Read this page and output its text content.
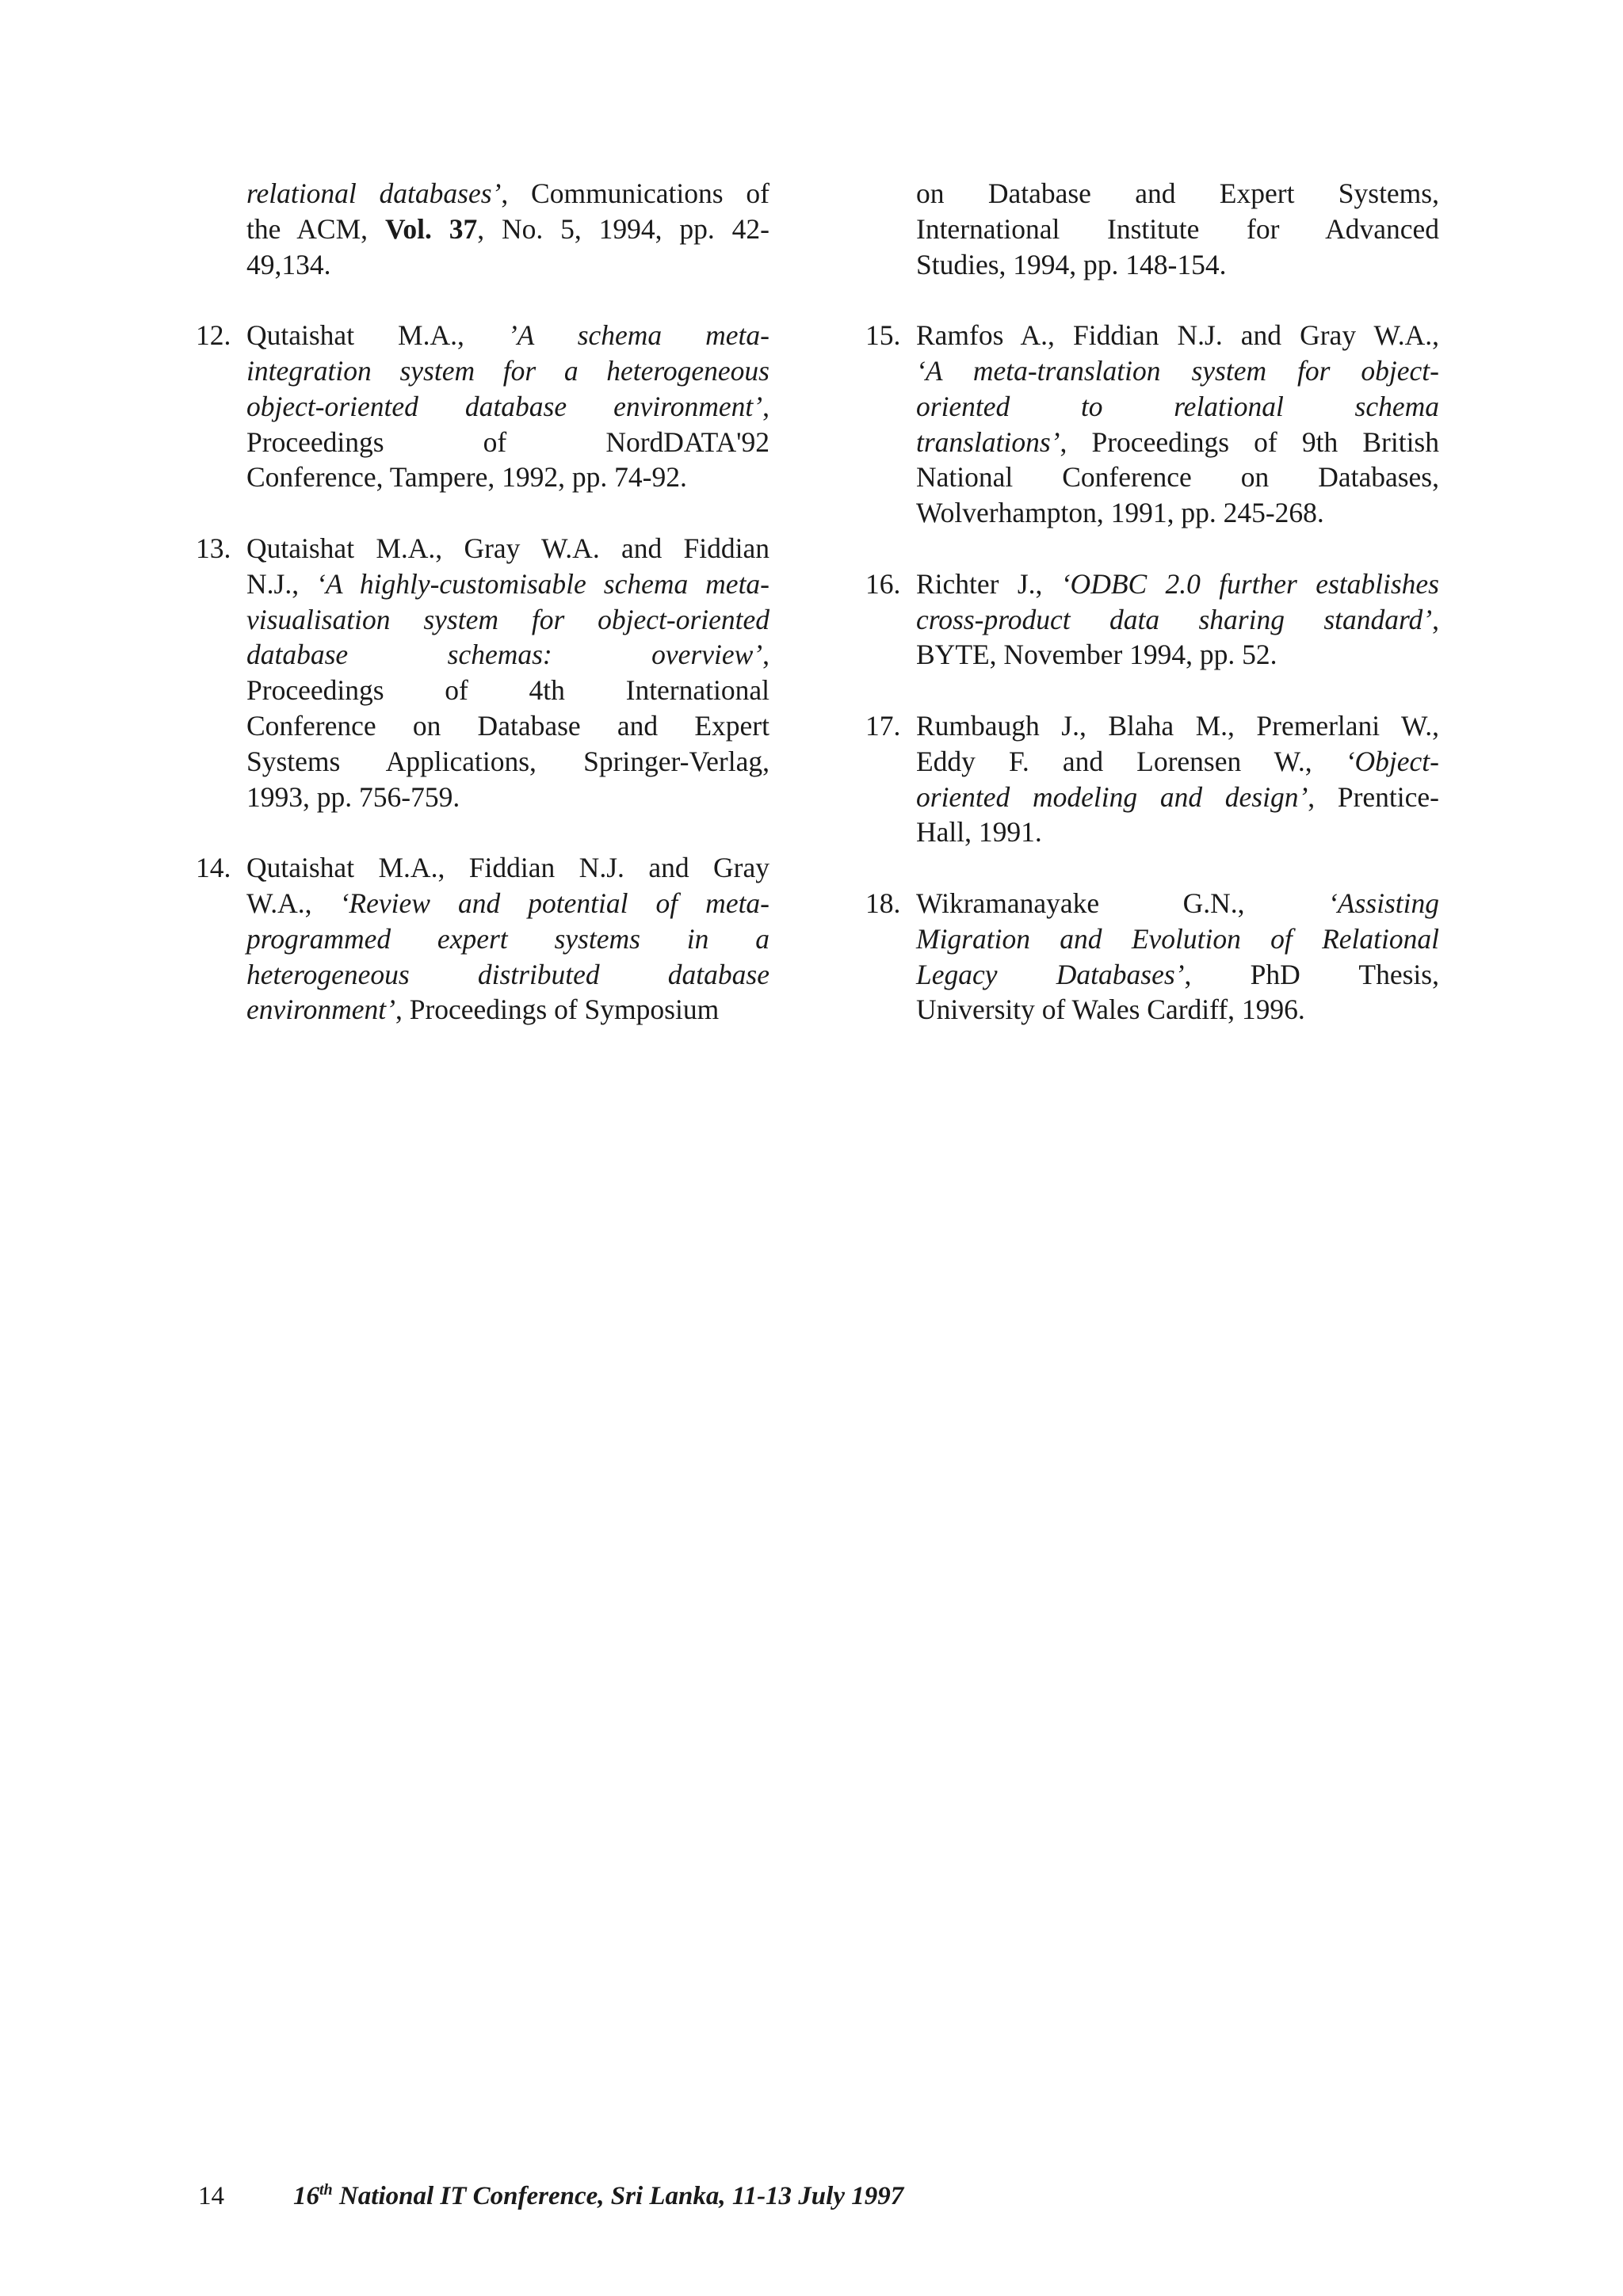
relational databases’, Communications of
the ACM, Vol. 37, No. 5, 1994, pp. 42-
49,134.
12. Qutaishat M.A., ’A schema meta-
integration system for a heterogeneous
object-oriented database environment’,
Proceedings of NordDATA'92
Conference, Tampere, 1992, pp. 74-92.
13. Qutaishat M.A., Gray W.A. and Fiddian
N.J., ‘A highly-customisable schema meta-
visualisation system for object-oriented
database schemas: overview’,
Proceedings of 4th International
Conference on Database and Expert
Systems Applications, Springer-Verlag,
1993, pp. 756-759.
14. Qutaishat M.A., Fiddian N.J. and Gray
W.A., ‘Review and potential of meta-
programmed expert systems in a
heterogeneous distributed database
environment’, Proceedings of Symposium
on Database and Expert Systems,
International Institute for Advanced
Studies, 1994, pp. 148-154.
15. Ramfos A., Fiddian N.J. and Gray W.A.,
‘A meta-translation system for object-
oriented to relational schema
translations’, Proceedings of 9th British
National Conference on Databases,
Wolverhampton, 1991, pp. 245-268.
16. Richter J., ‘ODBC 2.0 further establishes
cross-product data sharing standard’,
BYTE, November 1994, pp. 52.
17. Rumbaugh J., Blaha M., Premerlani W.,
Eddy F. and Lorensen W., ‘Object-
oriented modeling and design’, Prentice-
Hall, 1991.
18. Wikramanayake G.N., ‘Assisting
Migration and Evolution of Relational
Legacy Databases’, PhD Thesis,
University of Wales Cardiff, 1996.
14	16th National IT Conference, Sri Lanka, 11-13 July 1997
